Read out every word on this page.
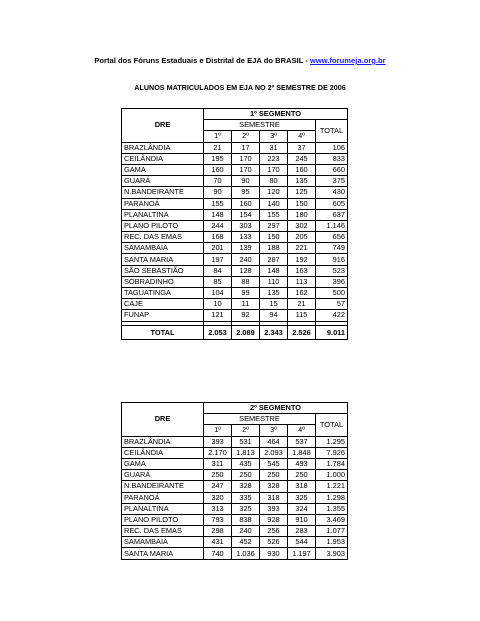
Portal dos Fóruns Estaduais e Distrital de EJA do BRASIL - www.forumeja.org.br
ALUNOS MATRICULADOS EM EJA NO 2º SEMESTRE DE 2006
DRE	1º SEGMENTO				
	SEMESTRE				TOTAL
	1º	2º	3º	4º	
BRAZLÂNDIA	21	17	31	37	106
CEILÂNDIA	195	170	223	245	833
GAMA	160	170	170	160	660
GUARÁ	70	90	80	135	375
N.BANDEIRANTE	90	95	120	125	430
PARANOÁ	155	160	140	150	605
PLANALTINA	148	154	155	180	637
PLANO PILOTO	244	303	297	302	1.146
REC. DAS EMAS	168	133	150	205	656
SAMAMBAIA	201	139	188	221	749
SANTA MARIA	197	240	287	192	916
SÃO SEBASTIÃO	84	128	148	163	523
SOBRADINHO	85	88	110	113	396
TAGUATINGA	104	99	135	162	500
CAJE	10	11	15	21	57
FUNAP	121	92	94	115	422

TOTAL	2.053	2.089	2.343	2.526	9.011
DRE	2º SEGMENTO				
	SEMESTRE				TOTAL
	1º	2º	3º	4º	
BRAZLÂNDIA	393	531	464	537	1.295
CEILÂNDIA	2.170	1.813	2.093	1.848	7.926
GAMA	311	435	545	493	1.784
GUARÁ	250	250	250	250	1.000
N.BANDEIRANTE	247	328	328	318	1.221
PARANOÁ	320	335	318	325	1.298
PLANALTINA	313	325	393	324	1.355
PLANO PILOTO	793	838	928	910	3.469
REC. DAS EMAS	298	240	256	283	1.077
SAMAMBAIA	431	452	526	544	1.953
SANTA MARIA	740	1.036	930	1.197	3.903
